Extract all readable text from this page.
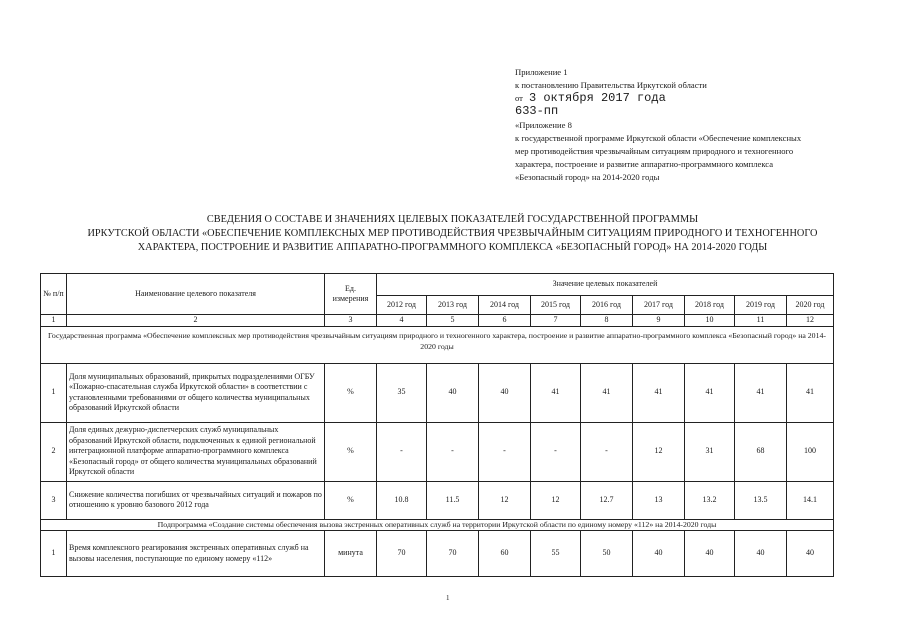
Приложение 1
к постановлению Правительства Иркутской области
от 3 октября 2017 года
633-пп
«Приложение 8
к государственной программе Иркутской области «Обеспечение комплексных мер противодействия чрезвычайным ситуациям природного и техногенного характера, построение и развитие аппаратно-программного комплекса «Безопасный город» на 2014-2020 годы
СВЕДЕНИЯ О СОСТАВЕ И ЗНАЧЕНИЯХ ЦЕЛЕВЫХ ПОКАЗАТЕЛЕЙ ГОСУДАРСТВЕННОЙ ПРОГРАММЫ
ИРКУТСКОЙ ОБЛАСТИ «ОБЕСПЕЧЕНИЕ КОМПЛЕКСНЫХ МЕР ПРОТИВОДЕЙСТВИЯ ЧРЕЗВЫЧАЙНЫМ СИТУАЦИЯМ ПРИРОДНОГО И ТЕХНОГЕННОГО
ХАРАКТЕРА, ПОСТРОЕНИЕ И РАЗВИТИЕ АППАРАТНО-ПРОГРАММНОГО КОМПЛЕКСА «БЕЗОПАСНЫЙ ГОРОД» НА 2014-2020 ГОДЫ
№ п/п	Наименование целевого показателя	Ед. измерения	Значение целевых показателей								
			2012 год	2013 год	2014 год	2015 год	2016 год	2017 год	2018 год	2019 год	2020 год
1	2	3	4	5	6	7	8	9	10	11	12
Государственная программа «Обеспечение комплексных мер противодействия чрезвычайным ситуациям природного и техногенного характера, построение и развитие аппаратно-программного комплекса «Безопасный город» на 2014-2020 годы											
1	Доля муниципальных образований, прикрытых подразделениями ОГБУ «Пожарно-спасательная служба Иркутской области» в соответствии с установленными требованиями от общего количества муниципальных образований Иркутской области	%	35	40	40	41	41	41	41	41	41
2	Доля единых дежурно-диспетчерских служб муниципальных образований Иркутской области, подключенных к единой региональной интеграционной платформе аппаратно-программного комплекса «Безопасный город» от общего количества муниципальных образований Иркутской области	%	-	-	-	-	-	12	31	68	100
3	Снижение количества погибших от чрезвычайных ситуаций и пожаров по отношению к уровню базового 2012 года	%	10.8	11.5	12	12	12.7	13	13.2	13.5	14.1
Подпрограмма «Создание системы обеспечения вызова экстренных оперативных служб на территории Иркутской области по единому номеру «112» на 2014-2020 годы											
1	Время комплексного реагирования экстренных оперативных служб на вызовы населения, поступающие по единому номеру «112»	минута	70	70	60	55	50	40	40	40	40
1
